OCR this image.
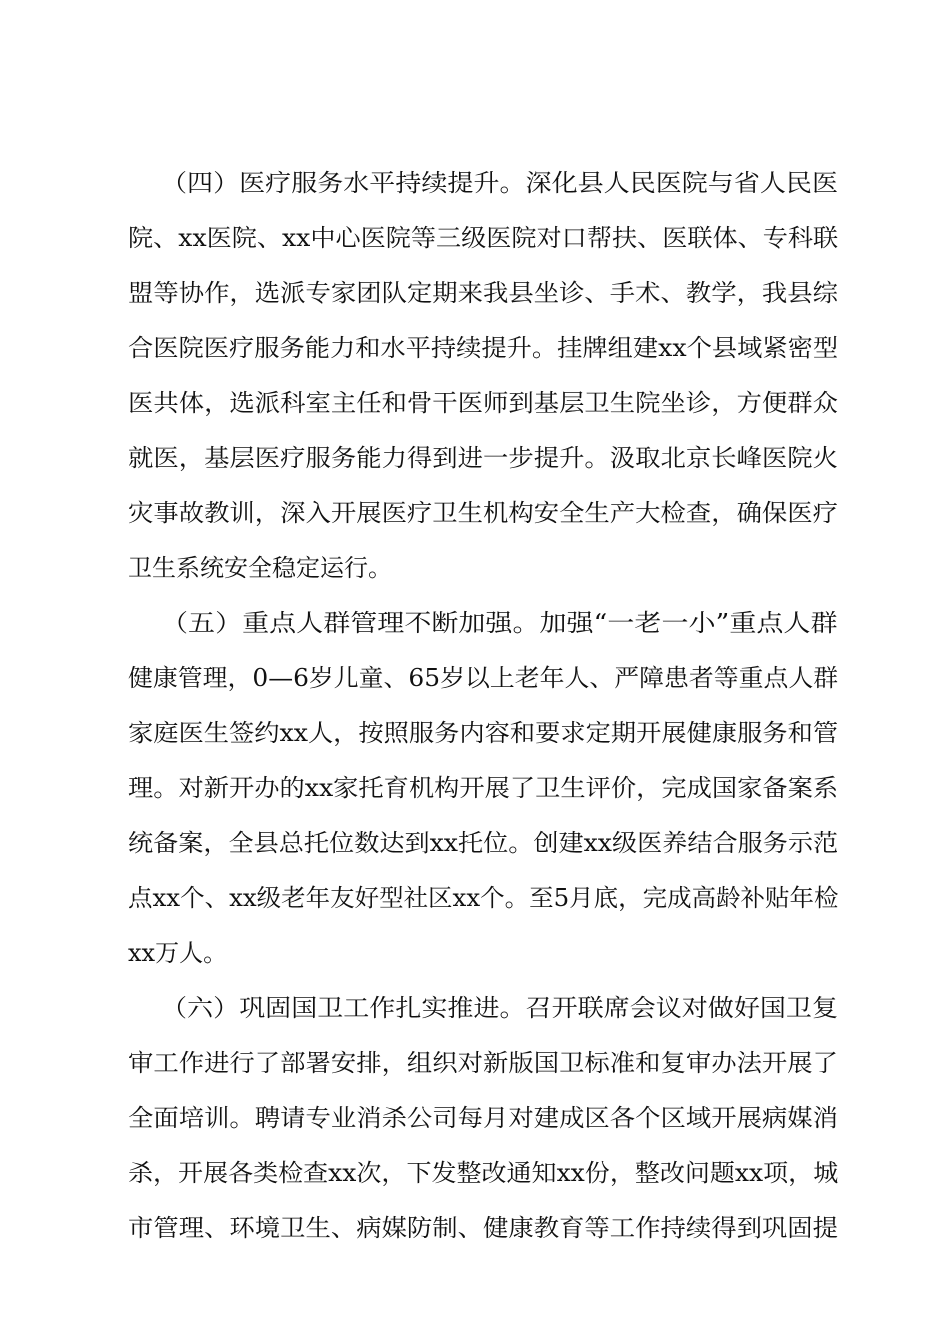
（四）医疗服务水平持续提升。深化县人民医院与省人民医

院、xx医院、xx中心医院等三级医院对口帮扶、医联体、专科联

盟等协作，选派专家团队定期来我县坐诊、手术、教学，我县综

合医院医疗服务能力和水平持续提升。挂牌组建xx个县域紧密型

医共体，选派科室主任和骨干医师到基层卫生院坐诊，方便群众

就医，基层医疗服务能力得到进一步提升。汲取北京长峰医院火

灾事故教训，深入开展医疗卫生机构安全生产大检查，确保医疗

卫生系统安全稳定运行。

（五）重点人群管理不断加强。加强“一老一小”重点人群

健康管理，0—6岁儿童、65岁以上老年人、严障患者等重点人群

家庭医生签约xx人，按照服务内容和要求定期开展健康服务和管

理。对新开办的xx家托育机构开展了卫生评价，完成国家备案系

统备案，全县总托位数达到xx托位。创建xx级医养结合服务示范

点xx个、xx级老年友好型社区xx个。至5月底，完成高龄补贴年检

xx万人。

（六）巩固国卫工作扎实推进。召开联席会议对做好国卫复

审工作进行了部署安排，组织对新版国卫标准和复审办法开展了

全面培训。聘请专业消杀公司每月对建成区各个区域开展病媒消

杀，开展各类检查xx次，下发整改通知xx份，整改问题xx项，城

市管理、环境卫生、病媒防制、健康教育等工作持续得到巩固提
